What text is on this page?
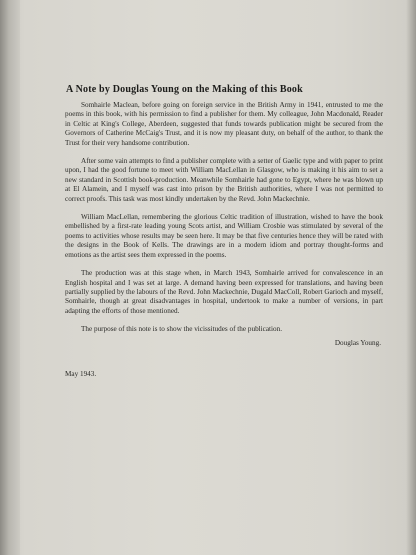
A Note by Douglas Young on the Making of this Book

Somhairle Maclean, before going on foreign service in the British Army in 1941, entrusted to me the poems in this book, with his permission to find a publisher for them. My colleague, John Macdonald, Reader in Celtic at King's College, Aberdeen, suggested that funds towards publication might be secured from the Governors of Catherine McCaig's Trust, and it is now my pleasant duty, on behalf of the author, to thank the Trust for their very handsome contribution.

After some vain attempts to find a publisher complete with a setter of Gaelic type and with paper to print upon, I had the good fortune to meet with William MacLellan in Glasgow, who is making it his aim to set a new standard in Scottish book-production. Meanwhile Somhairle had gone to Egypt, where he was blown up at El Alamein, and I myself was cast into prison by the British authorities, where I was not permitted to correct proofs. This task was most kindly undertaken by the Revd. John Mackechnie.

William MacLellan, remembering the glorious Celtic tradition of illustration, wished to have the book embellished by a first-rate leading young Scots artist, and William Crosbie was stimulated by several of the poems to activities whose results may be seen here. It may be that five centuries hence they will be rated with the designs in the Book of Kells. The drawings are in a modern idiom and portray thought-forms and emotions as the artist sees them expressed in the poems.

The production was at this stage when, in March 1943, Somhairle arrived for convalescence in an English hospital and I was set at large. A demand having been expressed for translations, and having been partially supplied by the labours of the Revd. John Mackechnie, Dugald MacColl, Robert Garioch and myself, Somhairle, though at great disadvantages in hospital, undertook to make a number of versions, in part adapting the efforts of those mentioned.

The purpose of this note is to show the vicissitudes of the publication.

Douglas Young.

May 1943.
